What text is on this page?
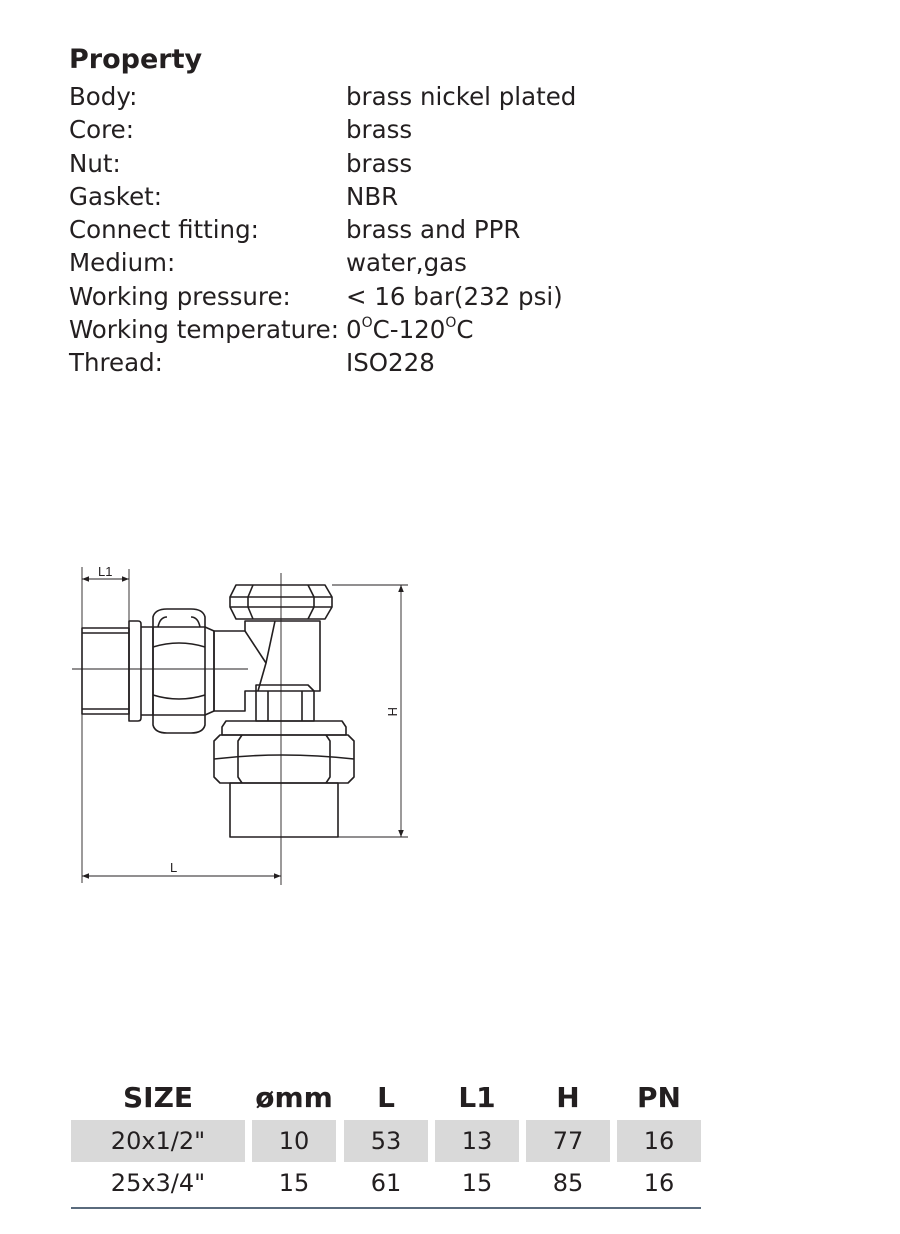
Property
Body:	brass nickel plated
Core:	brass
Nut:	brass
Gasket:	NBR
Connect fitting:	brass and PPR
Medium:	water,gas
Working pressure: < 16 bar(232 psi)
Working temperature: $0^OC-120^OC$
Thread:	ISO228
L1
L
H
SIZE	ømm	L	L1	H	PN
20x1/2"	10	53	13	77	16
25x3/4"	15	61	15	85	16
